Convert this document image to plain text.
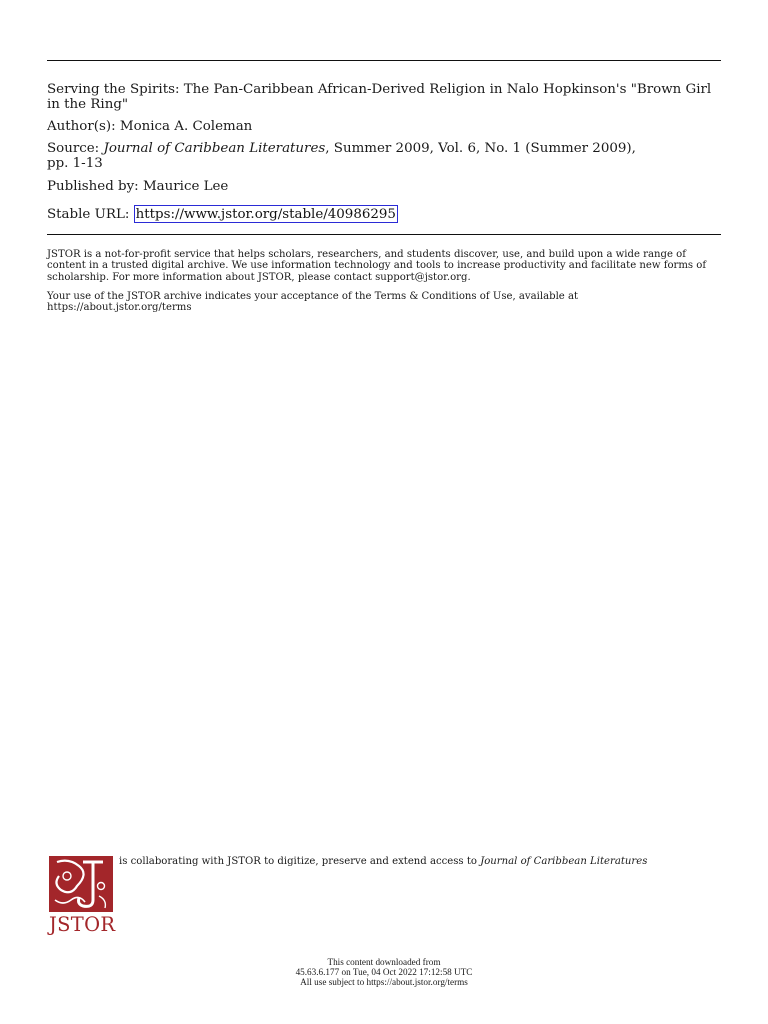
Serving the Spirits: The Pan-Caribbean African-Derived Religion in Nalo Hopkinson's "Brown Girl in the Ring"
Author(s): Monica A. Coleman
Source: Journal of Caribbean Literatures, Summer 2009, Vol. 6, No. 1 (Summer 2009),
pp. 1-13
Published by: Maurice Lee
Stable URL: https://www.jstor.org/stable/40986295
JSTOR is a not-for-profit service that helps scholars, researchers, and students discover, use, and build upon a wide range of content in a trusted digital archive. We use information technology and tools to increase productivity and facilitate new forms of scholarship. For more information about JSTOR, please contact support@jstor.org.
Your use of the JSTOR archive indicates your acceptance of the Terms & Conditions of Use, available at
https://about.jstor.org/terms
JSTOR
is collaborating with JSTOR to digitize, preserve and extend access to Journal of Caribbean Literatures
This content downloaded from
45.63.6.177 on Tue, 04 Oct 2022 17:12:58 UTC
All use subject to https://about.jstor.org/terms
